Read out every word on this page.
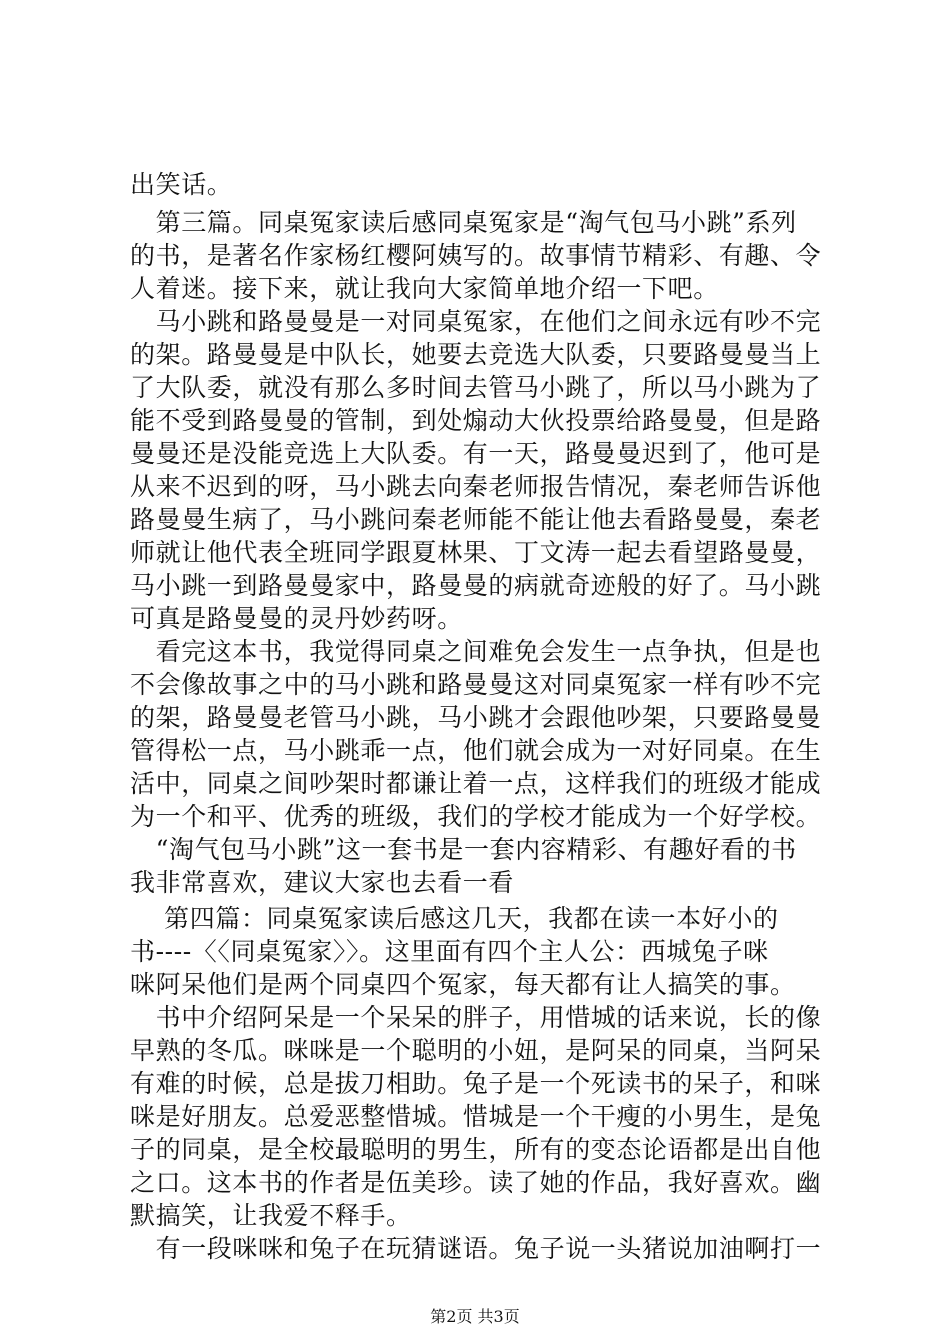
出笑话。
　第三篇。同桌冤家读后感同桌冤家是“淘气包马小跳”系列
的书，是著名作家杨红樱阿姨写的。故事情节精彩、有趣、令
人着迷。接下来，就让我向大家简单地介绍一下吧。
　马小跳和路曼曼是一对同桌冤家，在他们之间永远有吵不完
的架。路曼曼是中队长，她要去竞选大队委，只要路曼曼当上
了大队委，就没有那么多时间去管马小跳了，所以马小跳为了
能不受到路曼曼的管制，到处煽动大伙投票给路曼曼，但是路
曼曼还是没能竞选上大队委。有一天，路曼曼迟到了，他可是
从来不迟到的呀，马小跳去向秦老师报告情况，秦老师告诉他
路曼曼生病了，马小跳问秦老师能不能让他去看路曼曼，秦老
师就让他代表全班同学跟夏林果、丁文涛一起去看望路曼曼，
马小跳一到路曼曼家中，路曼曼的病就奇迹般的好了。马小跳
可真是路曼曼的灵丹妙药呀。
　看完这本书，我觉得同桌之间难免会发生一点争执，但是也
不会像故事之中的马小跳和路曼曼这对同桌冤家一样有吵不完
的架，路曼曼老管马小跳，马小跳才会跟他吵架，只要路曼曼
管得松一点，马小跳乖一点，他们就会成为一对好同桌。在生
活中，同桌之间吵架时都谦让着一点，这样我们的班级才能成
为一个和平、优秀的班级，我们的学校才能成为一个好学校。
　“淘气包马小跳”这一套书是一套内容精彩、有趣好看的书
我非常喜欢，建议大家也去看一看
　 第四篇：同桌冤家读后感这几天，我都在读一本好小的
书----〈〈同桌冤家〉〉。这里面有四个主人公：西城兔子咪
咪阿呆他们是两个同桌四个冤家，每天都有让人搞笑的事。
　书中介绍阿呆是一个呆呆的胖子，用惜城的话来说，长的像
早熟的冬瓜。咪咪是一个聪明的小妞，是阿呆的同桌，当阿呆
有难的时候，总是拔刀相助。兔子是一个死读书的呆子，和咪
咪是好朋友。总爱恶整惜城。惜城是一个干瘦的小男生，是兔
子的同桌，是全校最聪明的男生，所有的变态论语都是出自他
之口。这本书的作者是伍美珍。读了她的作品，我好喜欢。幽
默搞笑，让我爱不释手。
　有一段咪咪和兔子在玩猜谜语。兔子说一头猪说加油啊打一
第2页 共3页
